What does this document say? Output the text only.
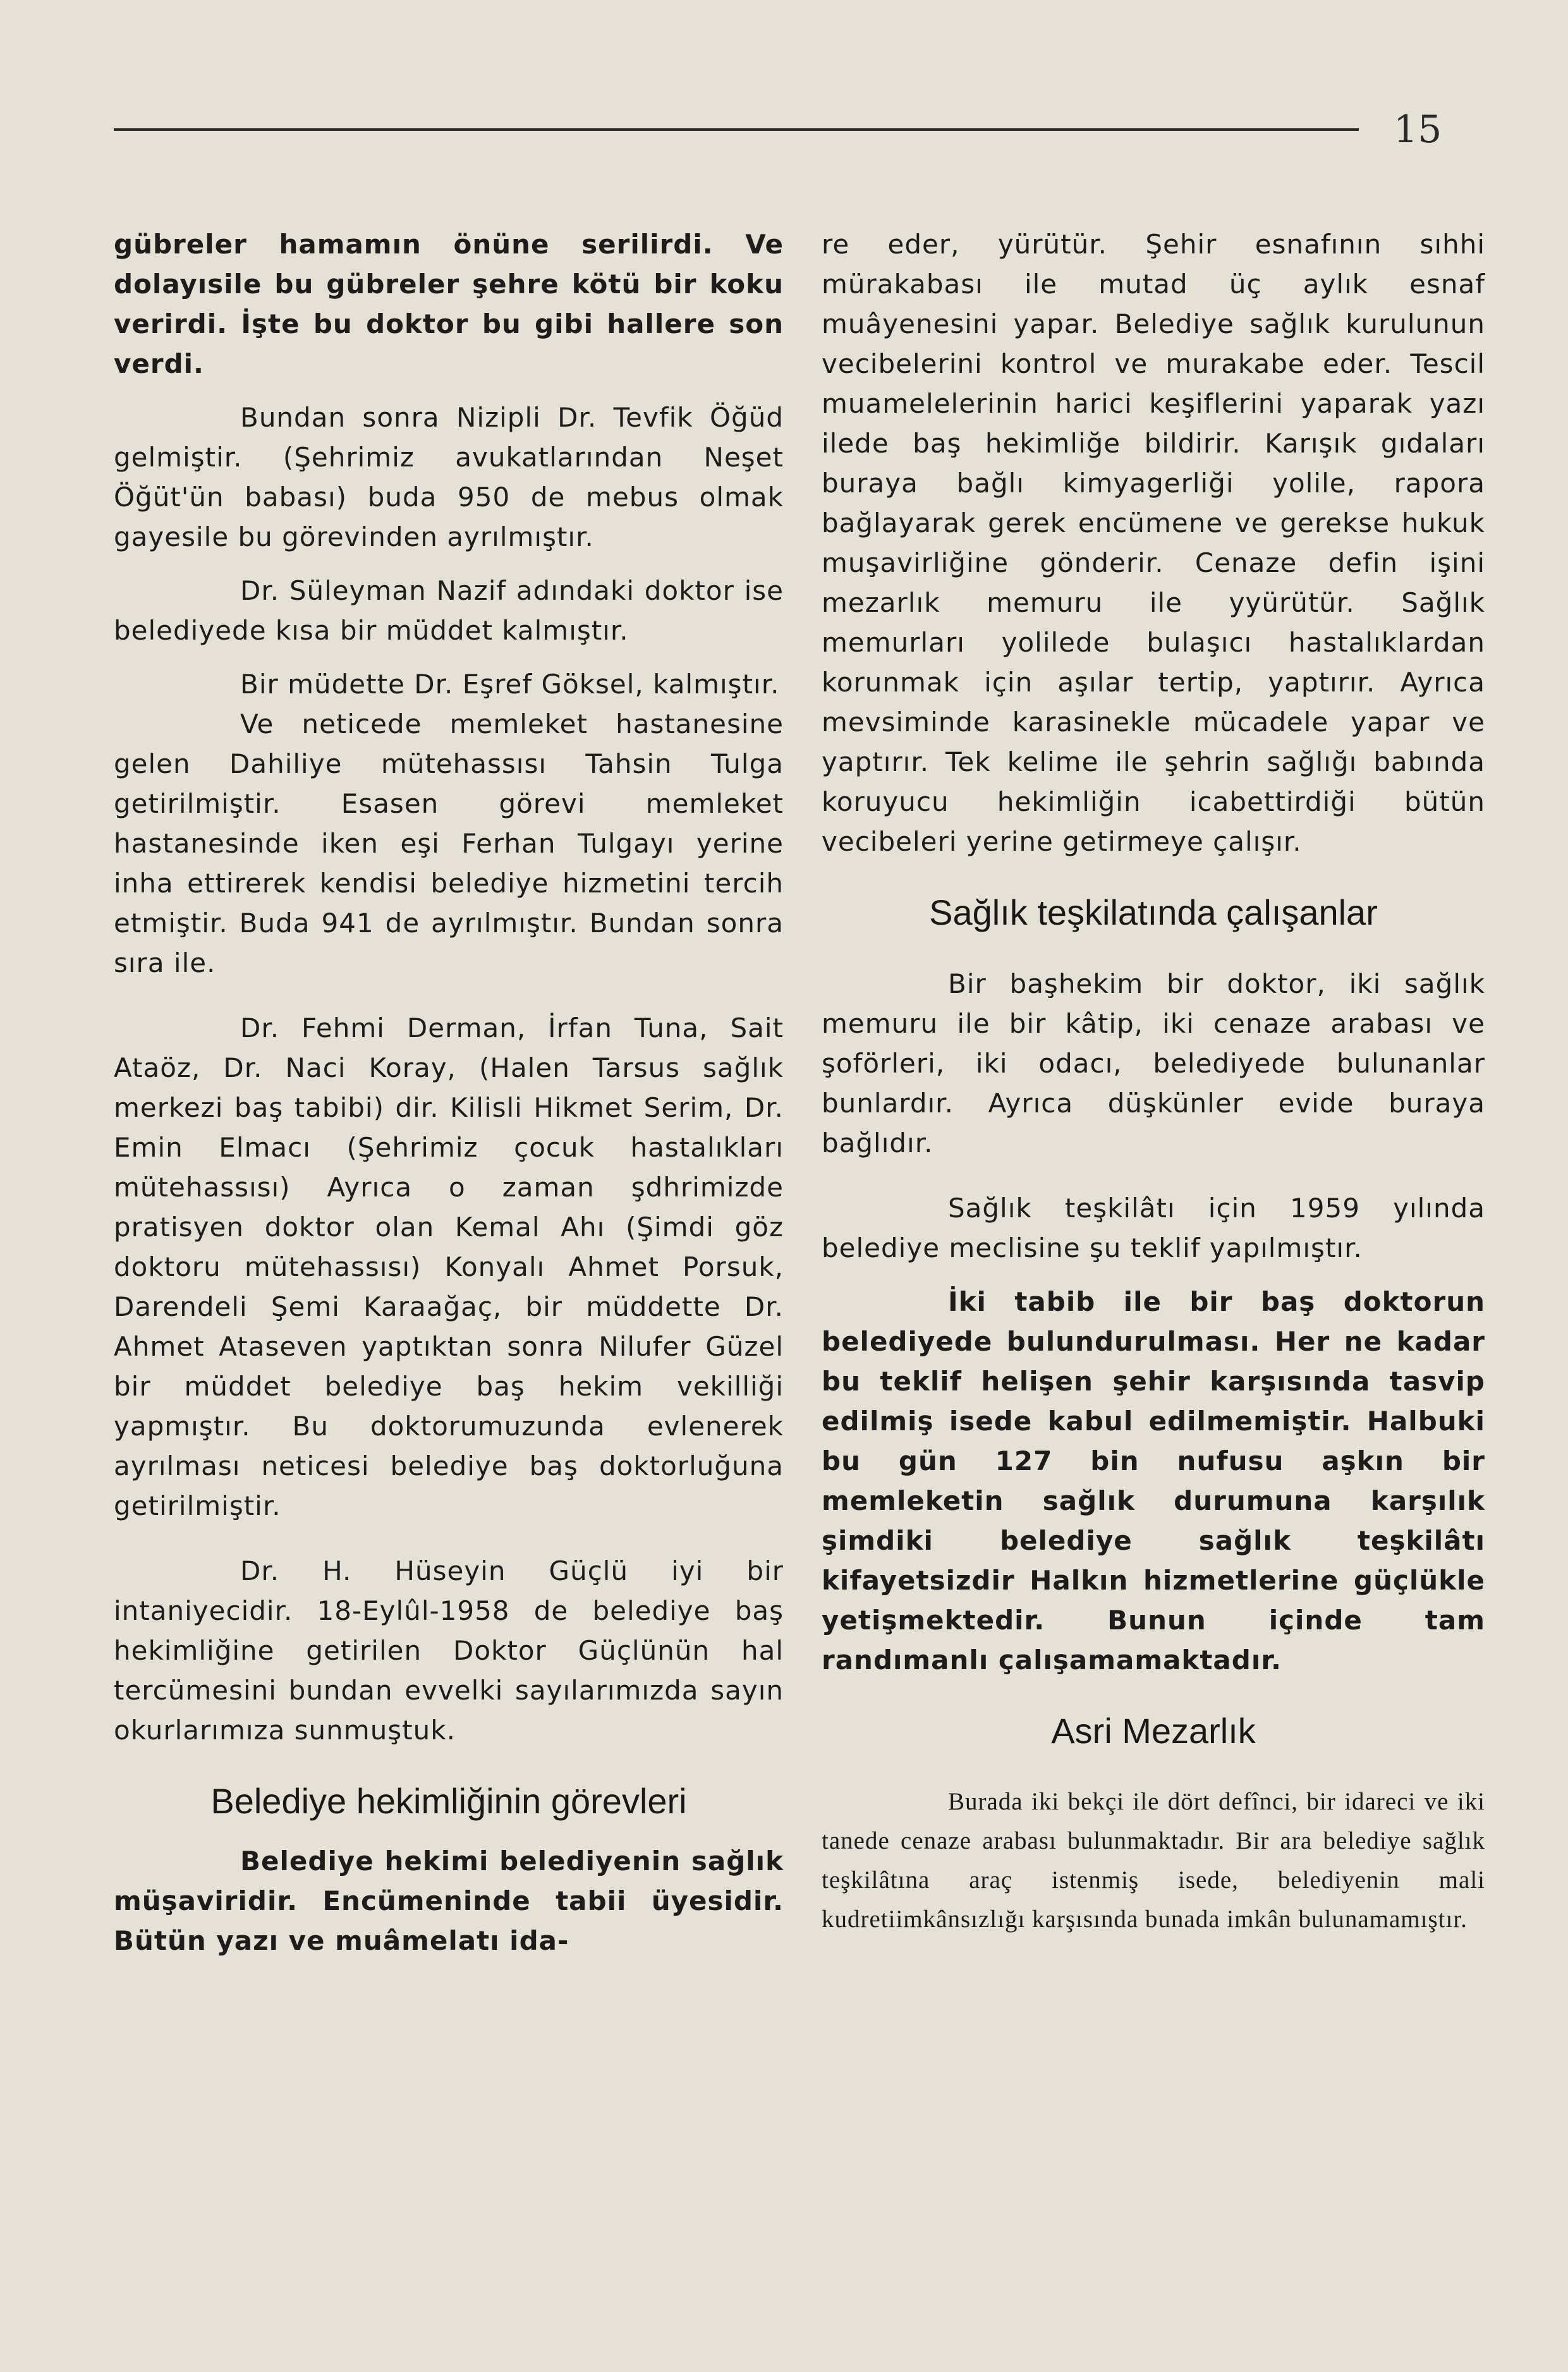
15

gübreler hamamın önüne serilirdi. Ve dolayısile bu gübreler şehre kötü bir koku verirdi. İşte bu doktor bu gibi hallere son verdi.

Bundan sonra Nizipli Dr. Tevfik Öğüd gelmiştir. (Şehrimiz avukatlarından Neşet Öğüt'ün babası) buda 950 de mebus olmak gayesile bu görevinden ayrılmıştır.

Dr. Süleyman Nazif adındaki doktor ise belediyede kısa bir müddet kalmıştır.

Bir müdette Dr. Eşref Göksel, kalmıştır.

Ve neticede memleket hastanesine gelen Dahiliye mütehassısı Tahsin Tulga getirilmiştir. Esasen görevi memleket hastanesinde iken eşi Ferhan Tulgayı yerine inha ettirerek kendisi belediye hizmetini tercih etmiştir. Buda 941 de ayrılmıştır. Bundan sonra sıra ile.

Dr. Fehmi Derman, İrfan Tuna, Sait Ataöz, Dr. Naci Koray, (Halen Tarsus sağlık merkezi baş tabibi) dir. Kilisli Hikmet Serim, Dr. Emin Elmacı (Şehrimiz çocuk hastalıkları mütehassısı) Ayrıca o zaman şdhrimizde pratisyen doktor olan Kemal Ahı (Şimdi göz doktoru mütehassısı) Konyalı Ahmet Porsuk, Darendeli Şemi Karaağaç, bir müddette Dr. Ahmet Ataseven yaptıktan sonra Nilufer Güzel bir müddet belediye baş hekim vekilliği yapmıştır. Bu doktorumuzunda evlenerek ayrılması neticesi belediye baş doktorluğuna getirilmiştir.

Dr. H. Hüseyin Güçlü iyi bir intaniyecidir. 18-Eylûl-1958 de belediye baş hekimliğine getirilen Doktor Güçlünün hal tercümesini bundan evvelki sayılarımızda sayın okurlarımıza sunmuştuk.

Belediye hekimliğinin görevleri

Belediye hekimi belediyenin sağlık müşaviridir. Encümeninde tabii üyesidir. Bütün yazı ve muâmelatı ida-

re eder, yürütür. Şehir esnafının sıhhi mürakabası ile mutad üç aylık esnaf muâyenesini yapar. Belediye sağlık kurulunun vecibelerini kontrol ve murakabe eder. Tescil muamelelerinin harici keşiflerini yaparak yazı ilede baş hekimliğe bildirir. Karışık gıdaları buraya bağlı kimyagerliği yolile, rapora bağlayarak gerek encümene ve gerekse hukuk muşavirliğine gönderir. Cenaze defin işini mezarlık memuru ile yyürütür. Sağlık memurları yolilede bulaşıcı hastalıklardan korunmak için aşılar tertip, yaptırır. Ayrıca mevsiminde karasinekle mücadele yapar ve yaptırır. Tek kelime ile şehrin sağlığı babında koruyucu hekimliğin icabettirdiği bütün vecibeleri yerine getirmeye çalışır.

Sağlık teşkilatında çalışanlar

Bir başhekim bir doktor, iki sağlık memuru ile bir kâtip, iki cenaze arabası ve şoförleri, iki odacı, belediyede bulunanlar bunlardır. Ayrıca düşkünler evide buraya bağlıdır.

Sağlık teşkilâtı için 1959 yılında belediye meclisine şu teklif yapılmıştır.

İki tabib ile bir baş doktorun belediyede bulundurulması. Her ne kadar bu teklif helişen şehir karşısında tasvip edilmiş isede kabul edilmemiştir. Halbuki bu gün 127 bin nufusu aşkın bir memleketin sağlık durumuna karşılık şimdiki belediye sağlık teşkilâtı kifayetsizdir Halkın hizmetlerine güçlükle yetişmektedir. Bunun içinde tam randımanlı çalışamamaktadır.

Asri Mezarlık

Burada iki bekçi ile dört defînci, bir idareci ve iki tanede cenaze arabası bulunmaktadır. Bir ara belediye sağlık teşkilâtına araç istenmiş isede, belediyenin mali kudretiimkânsızlığı karşısında bunada imkân bulunamamıştır.
